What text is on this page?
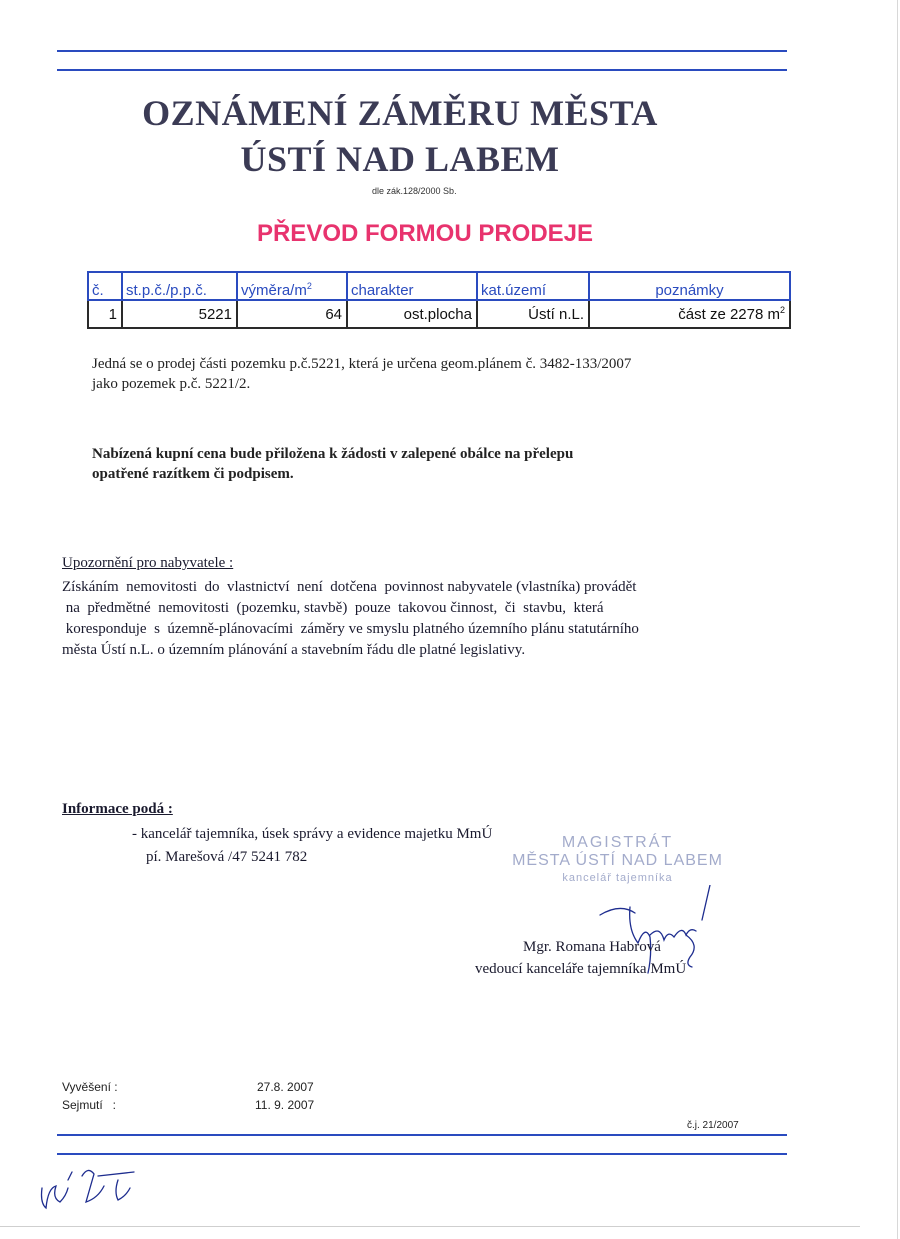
OZNÁMENÍ ZÁMĚRU MĚSTA
ÚSTÍ NAD LABEM
dle zák.128/2000 Sb.
PŘEVOD FORMOU PRODEJE
č.	st.p.č./p.p.č.	výměra/$m^2$	charakter	kat.území	poznámky
1	5221	64	ost.plocha	Ústí n.L.	část ze 2278 $m^2$
Jedná se o prodej části pozemku p.č.5221, která je určena geom.plánem č. 3482-133/2007
jako pozemek p.č. 5221/2.
Nabízená kupní cena bude přiložena k žádosti v zalepené obálce na přelepu
opatřené razítkem či podpisem.
Upozornění pro nabyvatele :
Získáním  nemovitosti  do  vlastnictví  není  dotčena  povinnost nabyvatele (vlastníka) provádět
na  předmětné  nemovitosti  (pozemku, stavbě)  pouze  takovou činnost,  či  stavbu,  která
koresponduje  s  územně-plánovacími  záměry ve smyslu platného územního plánu statutárního
města Ústí n.L. o územním plánování a stavebním řádu dle platné legislativy.
Informace podá :
- kancelář tajemníka, úsek správy a evidence majetku MmÚ
pí. Marešová /47 5241 782
MAGISTRÁT
MĚSTA ÚSTÍ NAD LABEM
kancelář tajemníka
Mgr. Romana Habrová
vedoucí kanceláře tajemníka MmÚ
Vyvěšení :	27.8. 2007
Sejmutí   :	11. 9. 2007
č.j. 21/2007
